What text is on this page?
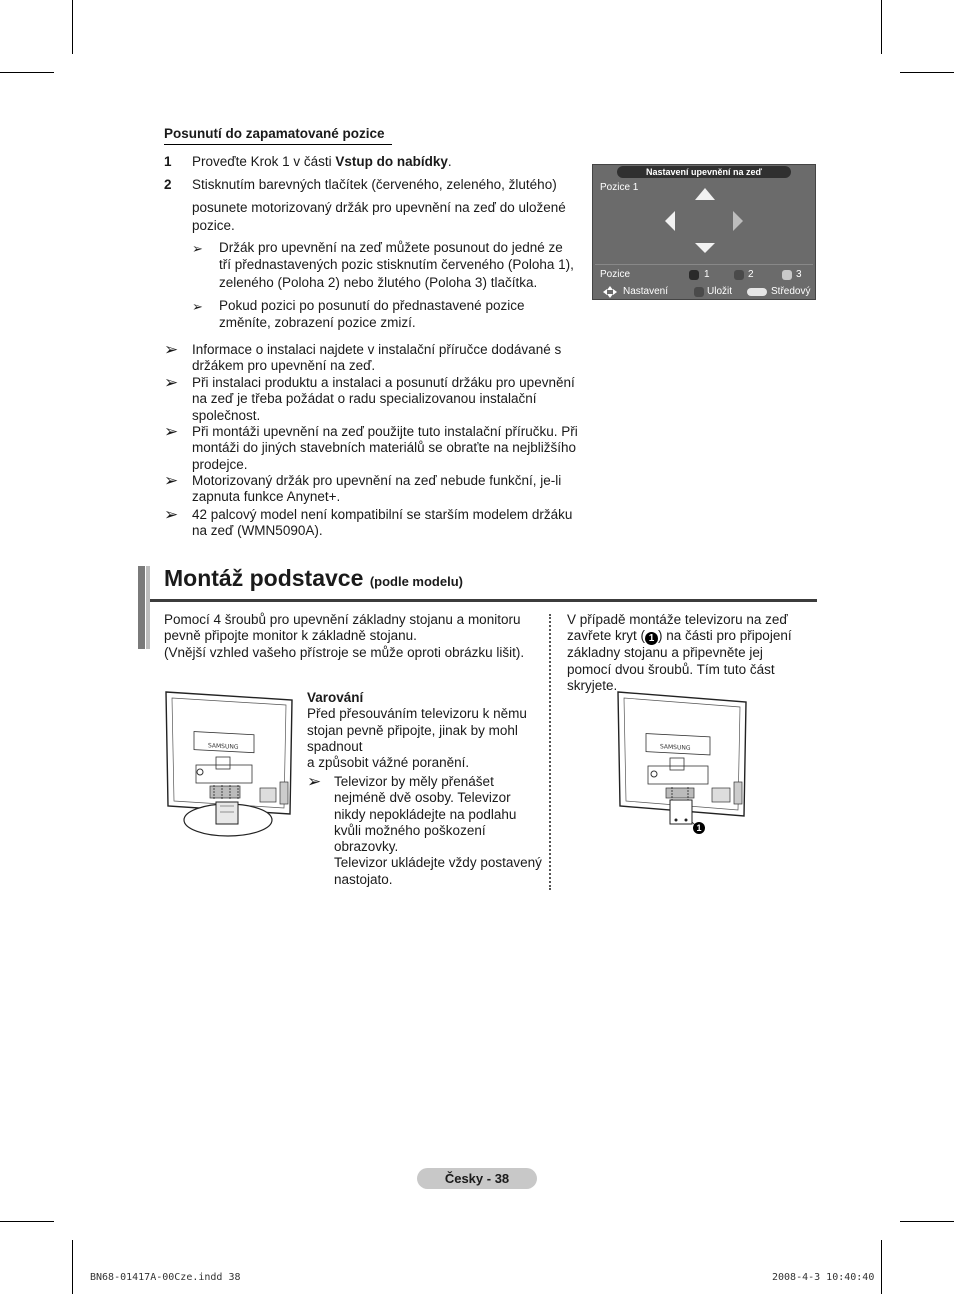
Posunutí do zapamatované pozice
1 Proveďte Krok 1 v části Vstup do nabídky.
2 Stisknutím barevných tlačítek (červeného, zeleného, žlutého)
posunete motorizovaný držák pro upevnění na zeď do uložené
pozice.
➢ Držák pro upevnění na zeď můžete posunout do jedné ze
tří přednastavených pozic stisknutím červeného (Poloha 1),
zeleného (Poloha 2) nebo žlutého (Poloha 3) tlačítka.
➢ Pokud pozici po posunutí do přednastavené pozice
změníte, zobrazení pozice zmizí.
➢ Informace o instalaci najdete v instalační příručce dodávané s
držákem pro upevnění na zeď.
➢ Při instalaci produktu a instalaci a posunutí držáku pro upevnění
na zeď je třeba požádat o radu specializovanou instalační
společnost.
➢ Při montáži upevnění na zeď použijte tuto instalační příručku. Při
montáži do jiných stavebních materiálů se obraťte na nejbližšího
prodejce.
➢ Motorizovaný držák pro upevnění na zeď nebude funkční, je-li
zapnuta funkce Anynet+.
➢ 42 palcový model není kompatibilní se starším modelem držáku
na zeď (WMN5090A).
Nastavení upevnění na zeď
Pozice 1
Pozice	1	2	3
Nastavení	Uložit	Středový
Montáž podstavce (podle modelu)
Pomocí 4 šroubů pro upevnění základny stojanu a monitoru
pevně připojte monitor k základně stojanu.
(Vnější vzhled vašeho přístroje se může oproti obrázku lišit).
SAMSUNG
Varování
Před přesouváním televizoru k němu
stojan pevně připojte, jinak by mohl
spadnout
a způsobit vážné poranění.
➢ Televizor by měly přenášet
nejméně dvě osoby. Televizor
nikdy nepokládejte na podlahu
kvůli možného poškození
obrazovky.
Televizor ukládejte vždy postavený
nastojato.
V případě montáže televizoru na zeď
zavřete kryt ( 1 ) na části pro připojení
základny stojanu a připevněte jej
pomocí dvou šroubů. Tím tuto část
skryjete.
SAMSUNG
1
Česky - 38
BN68-01417A-00Cze.indd 38	2008-4-3 10:40:40
